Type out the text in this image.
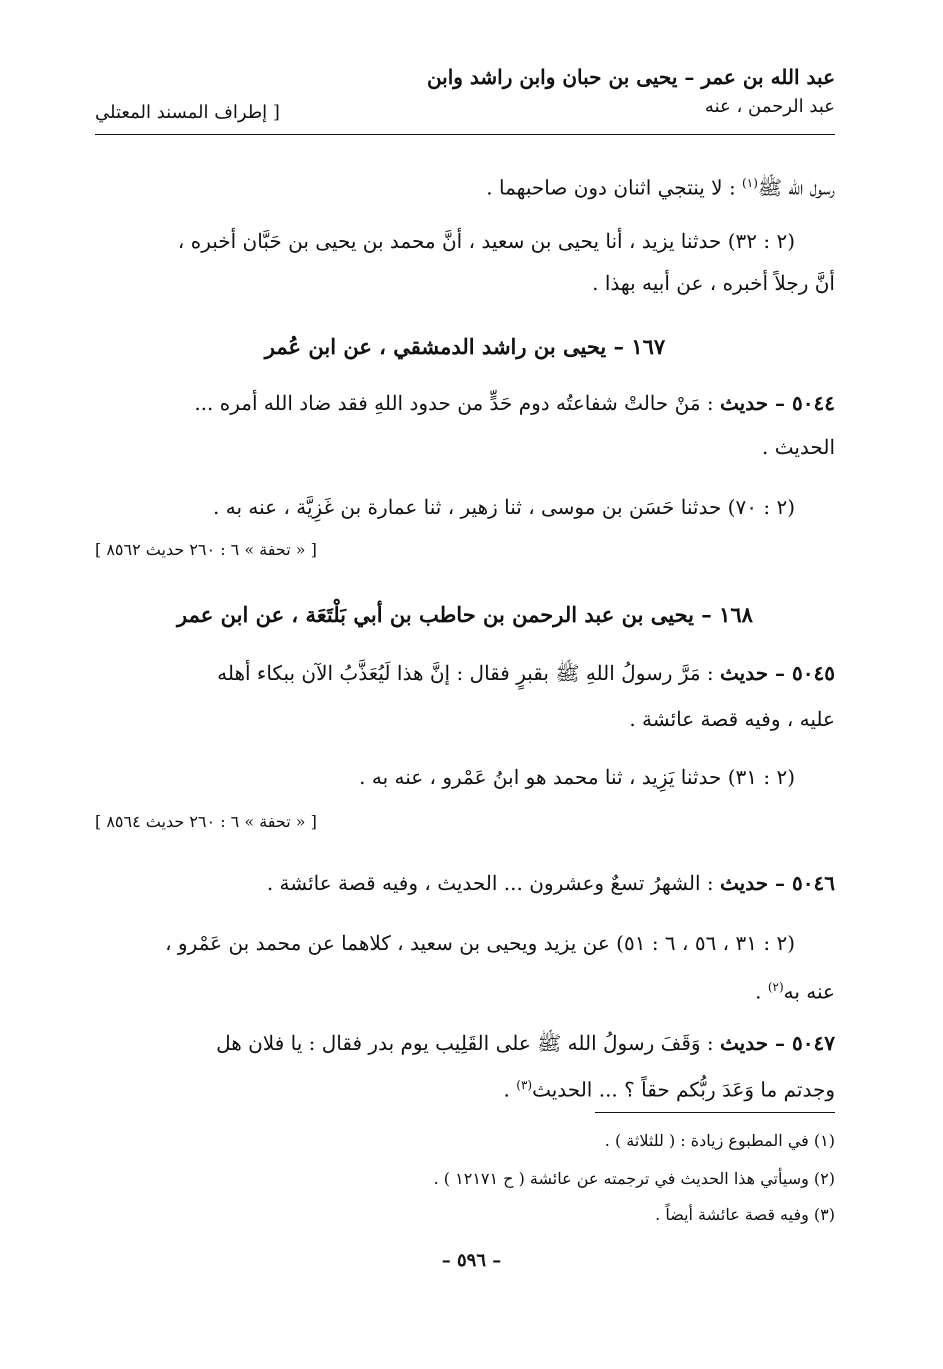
عبد الله بن عمر – يحيى بن حبان وابن راشد وابن
عبد الرحمن ، عنه
[ إطراف المسند المعتلي
رسول الله ﷺ$^{(١)}$ : لا ينتجي اثنان دون صاحبهما .
(٢ : ٣٢) حدثنا يزيد ، أنا يحيى بن سعيد ، أنَّ محمد بن يحيى بن حَبَّان أخبره ،
أنَّ رجلاً أخبره ، عن أبيه بهذا .
١٦٧ – يحيى بن راشد الدمشقي ، عن ابن عُمر
٥٠٤٤ – حديث : مَنْ حالتْ شفاعتُه دوم حَدٍّ من حدود اللهِ فقد ضاد الله أمره ...
الحديث .
(٢ : ٧٠) حدثنا حَسَن بن موسى ، ثنا زهير ، ثنا عمارة بن غَزِيَّة ، عنه به .
[ « تحفة » ٦ : ٢٦٠ حديث ٨٥٦٢ ]
١٦٨ – يحيى بن عبد الرحمن بن حاطب بن أبي بَلْتَعَة ، عن ابن عمر
٥٠٤٥ – حديث : مَرَّ رسولُ اللهِ ﷺ بقبرٍ فقال : إنَّ هذا لَيُعَذَّبُ الآن ببكاء أهله
عليه ، وفيه قصة عائشة .
(٢ : ٣١) حدثنا يَزِيد ، ثنا محمد هو ابنُ عَمْرو ، عنه به .
[ « تحفة » ٦ : ٢٦٠ حديث ٨٥٦٤ ]
٥٠٤٦ – حديث : الشهرُ تسعٌ وعشرون ... الحديث ، وفيه قصة عائشة .
(٢ : ٣١ ، ٥٦ ، ٦ : ٥١) عن يزيد ويحيى بن سعيد ، كلاهما عن محمد بن عَمْرو ،
عنه به$^{(٢)}$ .
٥٠٤٧ – حديث : وَقَفَ رسولُ الله ﷺ على القَلِيب يوم بدر فقال : يا فلان هل
وجدتم ما وَعَدَ ربُّكم حقاً ؟ ... الحديث$^{(٣)}$ .
(١) في المطبوع زيادة : ( للثلاثة ) .
(٢) وسيأتي هذا الحديث في ترجمته عن عائشة ( ح ١٢١٧١ ) .
(٣) وفيه قصة عائشة أيضاً .
– ٥٩٦ –
